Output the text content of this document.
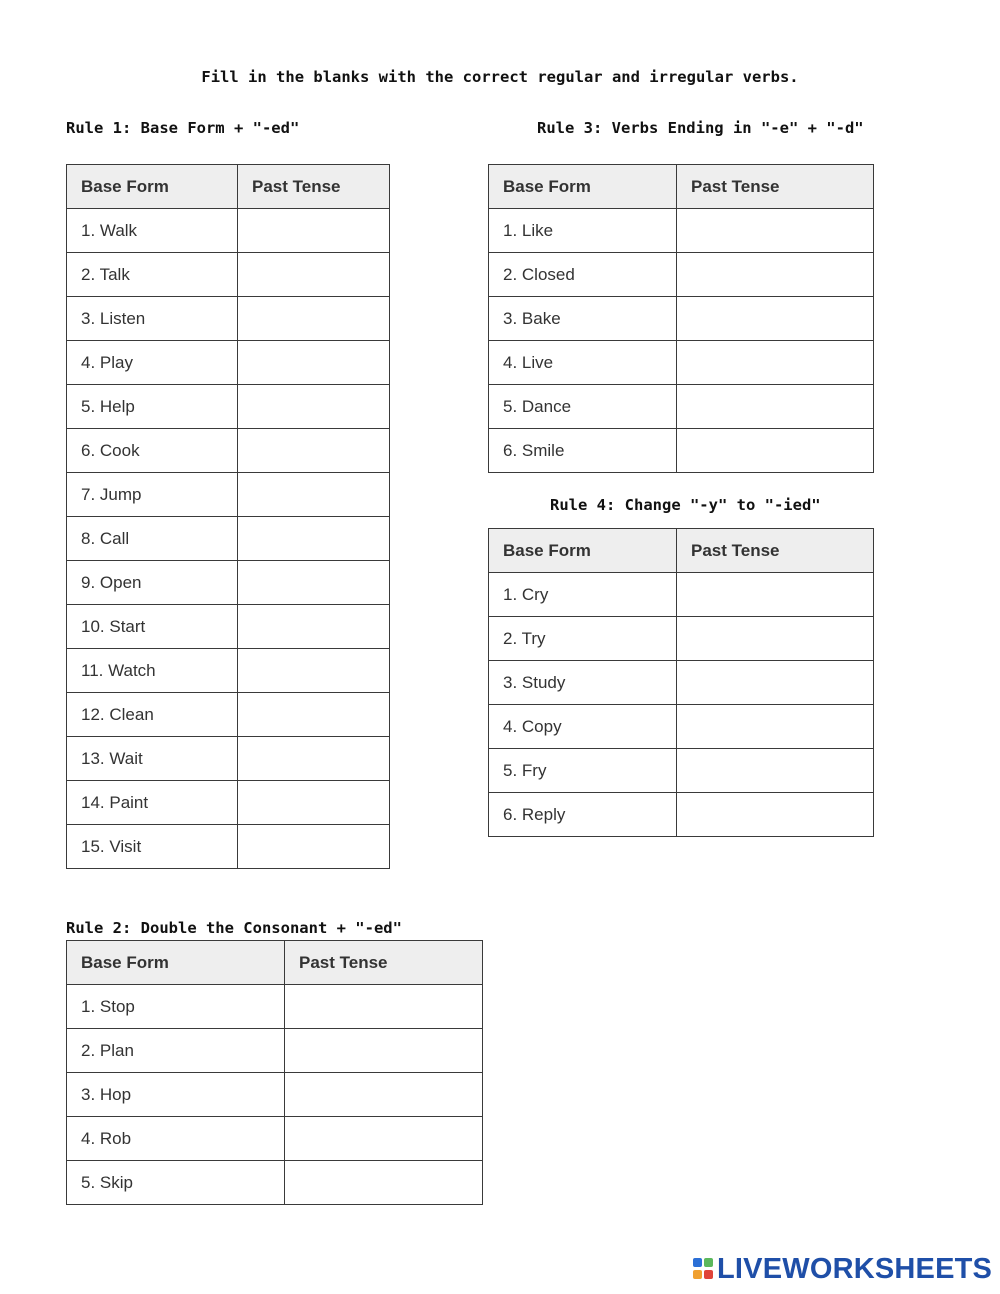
Fill in the blanks with the correct regular and irregular verbs.
Rule 1: Base Form + "-ed"
Base Form	Past Tense
1. Walk	
2. Talk	
3. Listen	
4. Play	
5. Help	
6. Cook	
7. Jump	
8. Call	
9. Open	
10. Start	
11. Watch	
12. Clean	
13. Wait	
14. Paint	
15. Visit	
Rule 2: Double the Consonant + "-ed"
Base Form	Past Tense
1. Stop	
2. Plan	
3. Hop	
4. Rob	
5. Skip	
Rule 3: Verbs Ending in "-e" + "-d"
Base Form	Past Tense
1. Like	
2. Closed	
3. Bake	
4. Live	
5. Dance	
6. Smile	
Rule 4: Change "-y" to "-ied"
Base Form	Past Tense
1. Cry	
2. Try	
3. Study	
4. Copy	
5. Fry	
6. Reply	
LIVEWORKSHEETS
